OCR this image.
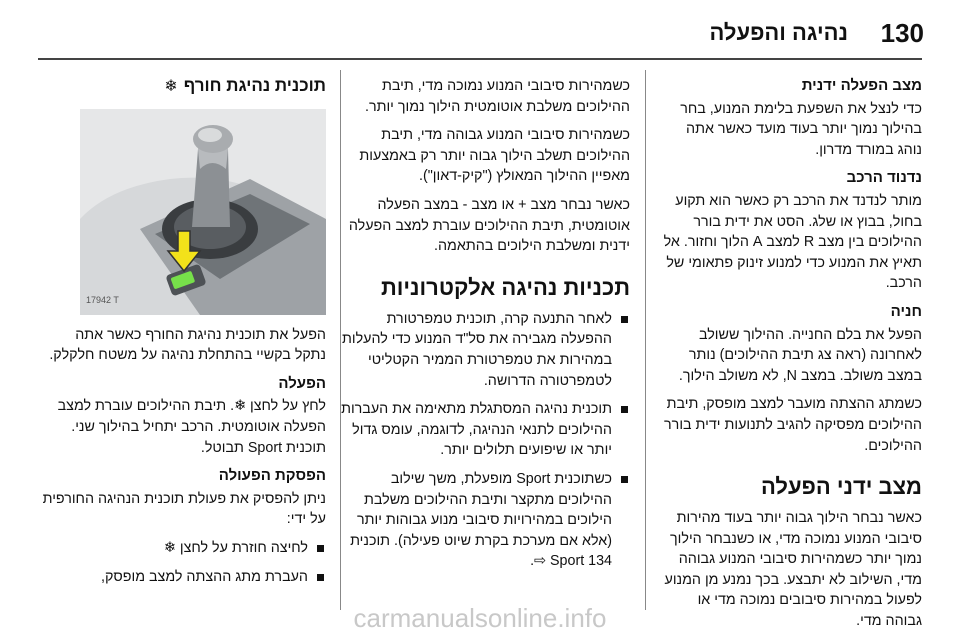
130
נהיגה והפעלה
מצב הפעלה ידנית

כדי לנצל את השפעת בלימת המנוע, בחר בהילוך נמוך יותר בעוד מועד כאשר אתה נוהג במורד מדרון.

נדנוד הרכב

מותר לנדנד את הרכב רק כאשר הוא תקוע בחול, בבוץ או שלג. הסט את ידית בורר ההילוכים בין מצב R למצב A הלוך וחזור. אל תאיץ את המנוע כדי למנוע זינוק פתאומי של הרכב.

חניה

הפעל את בלם החנייה. ההילוך ששולב לאחרונה (ראה צג תיבת ההילוכים) נותר במצב משולב. במצב N, לא משולב הילוך.

כשמתג ההצתה מועבר למצב מופסק, תיבת ההילוכים מפסיקה להגיב לתנועות ידית בורר ההילוכים.

מצב ידני הפעלה

כאשר נבחר הילוך גבוה יותר בעוד מהירות סיבובי המנוע נמוכה מדי, או כשנבחר הילוך נמוך יותר כשמהירות סיבובי המנוע גבוהה מדי, השילוב לא יתבצע. בכך נמנע מן המנוע לפעול במהירות סיבובים נמוכה מדי או גבוהה מדי.

כשמהירות סיבובי המנוע נמוכה מדי, תיבת ההילוכים משלבת אוטומטית הילוך נמוך יותר.

כשמהירות סיבובי המנוע גבוהה מדי, תיבת ההילוכים תשלב הילוך גבוה יותר רק באמצעות מאפיין ההילוך המאולץ ("קיק-דאון").

כאשר נבחר מצב + או מצב - במצב הפעלה אוטומטית, תיבת ההילוכים עוברת למצב הפעלה ידנית ומשלבת הילוכים בהתאמה.

תכניות נהיגה אלקטרוניות
לאחר התנעה קרה, תוכנית טמפרטורת ההפעלה מגבירה את סל"ד המנוע כדי להעלות במהירות את טמפרטורת הממיר הקטליטי לטמפרטורה הדרושה.
תוכנית נהיגה המסתגלת מתאימה את העברות ההילוכים לתנאי הנהיגה, לדוגמה, עומס גדול יותר או שיפועים תלולים יותר.
כשתוכנית Sport מופעלת, משך שילוב ההילוכים מתקצר ותיבת ההילוכים משלבת הילוכים במהירויות סיבובי מנוע גבוהות יותר (אלא אם מערכת בקרת שיוט פעילה). תוכנית Sport 134 ⇨.
תוכנית נהיגת חורף
❄
17942 T

הפעל את תוכנית נהיגת החורף כאשר אתה נתקל בקשיי בהתחלת נהיגה על משטח חלקלק.

הפעלה

לחץ על לחצן ❄. תיבת ההילוכים עוברת למצב הפעלה אוטומטית. הרכב יתחיל בהילוך שני. תוכנית Sport תבוטל.

הפסקת הפעולה

ניתן להפסיק את פעולת תוכנית הנהיגה החורפית על ידי:

לחיצה חוזרת על לחצן ❄
העברת מתג ההצתה למצב מופסק,
carmanualsonline.info
